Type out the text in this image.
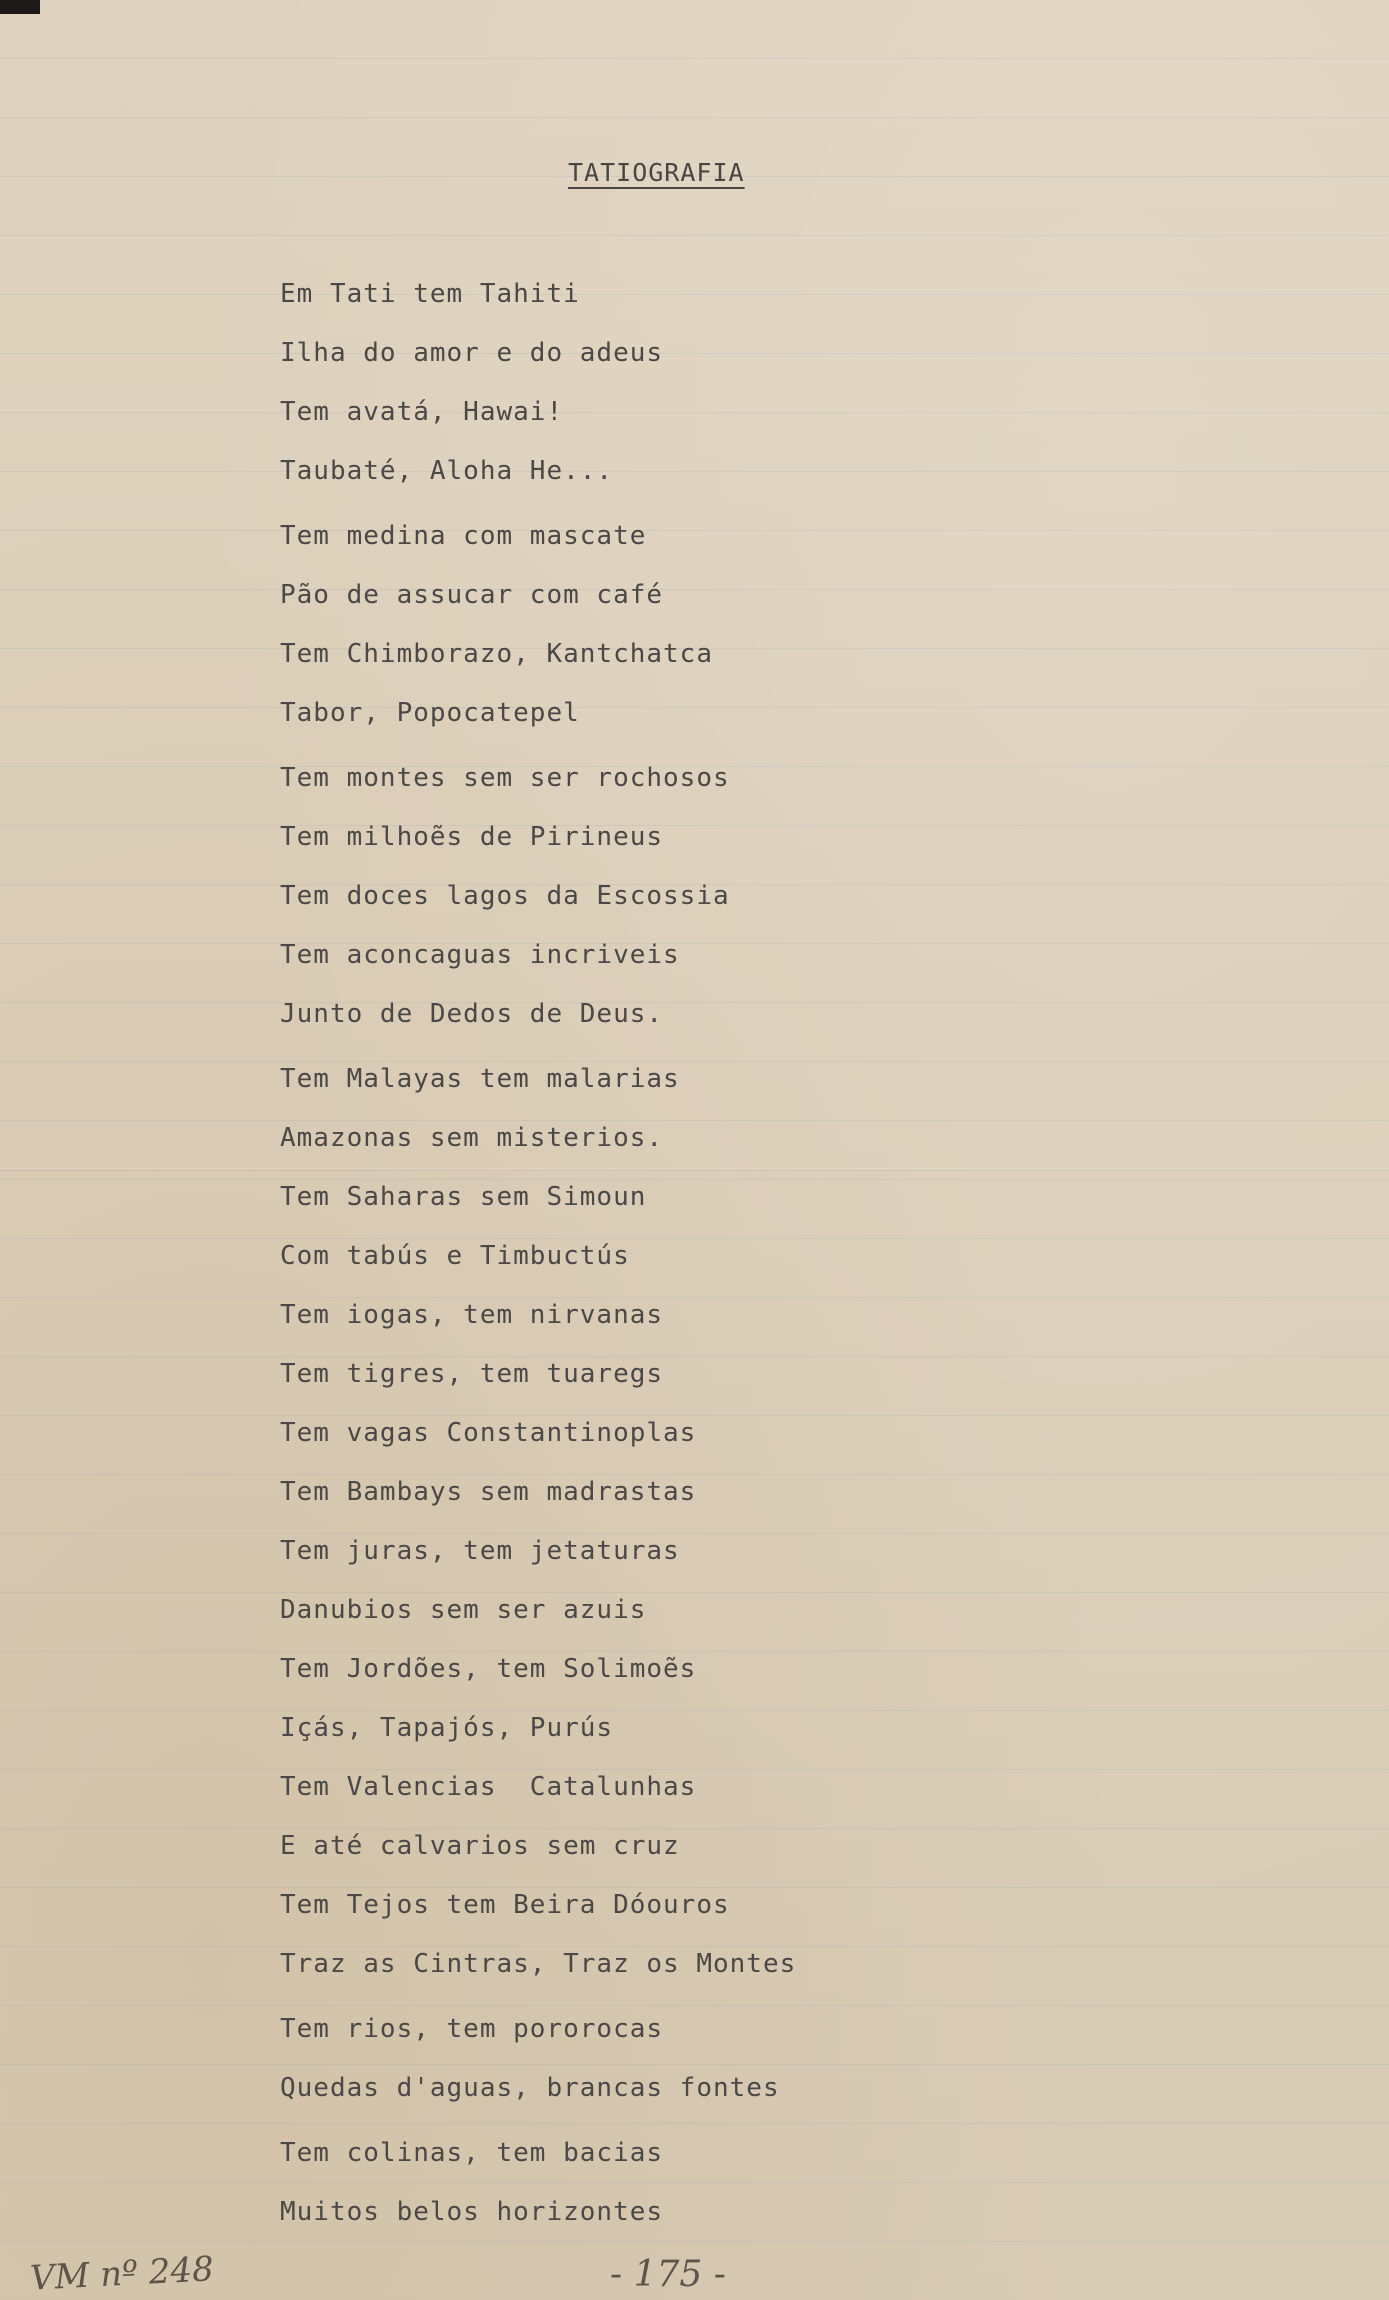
TATIOGRAFIA
Em Tati tem Tahiti
Ilha do amor e do adeus
Tem avatá, Hawai!
Taubaté, Aloha He...
Tem medina com mascate
Pão de assucar com café
Tem Chimborazo, Kantchatca
Tabor, Popocatepel
Tem montes sem ser rochosos
Tem milhoẽs de Pirineus
Tem doces lagos da Escossia
Tem aconcaguas incriveis
Junto de Dedos de Deus.
Tem Malayas tem malarias
Amazonas sem misterios.
Tem Saharas sem Simoun
Com tabús e Timbuctús
Tem iogas, tem nirvanas
Tem tigres, tem tuaregs
Tem vagas Constantinoplas
Tem Bambays sem madrastas
Tem juras, tem jetaturas
Danubios sem ser azuis
Tem Jordões, tem Solimoẽs
Içás, Tapajós, Purús
Tem Valencias  Catalunhas
E até calvarios sem cruz
Tem Tejos tem Beira Dóouros
Traz as Cintras, Traz os Montes
Tem rios, tem pororocas
Quedas d'aguas, brancas fontes
Tem colinas, tem bacias
Muitos belos horizontes
VM nº 248	- 175 -
